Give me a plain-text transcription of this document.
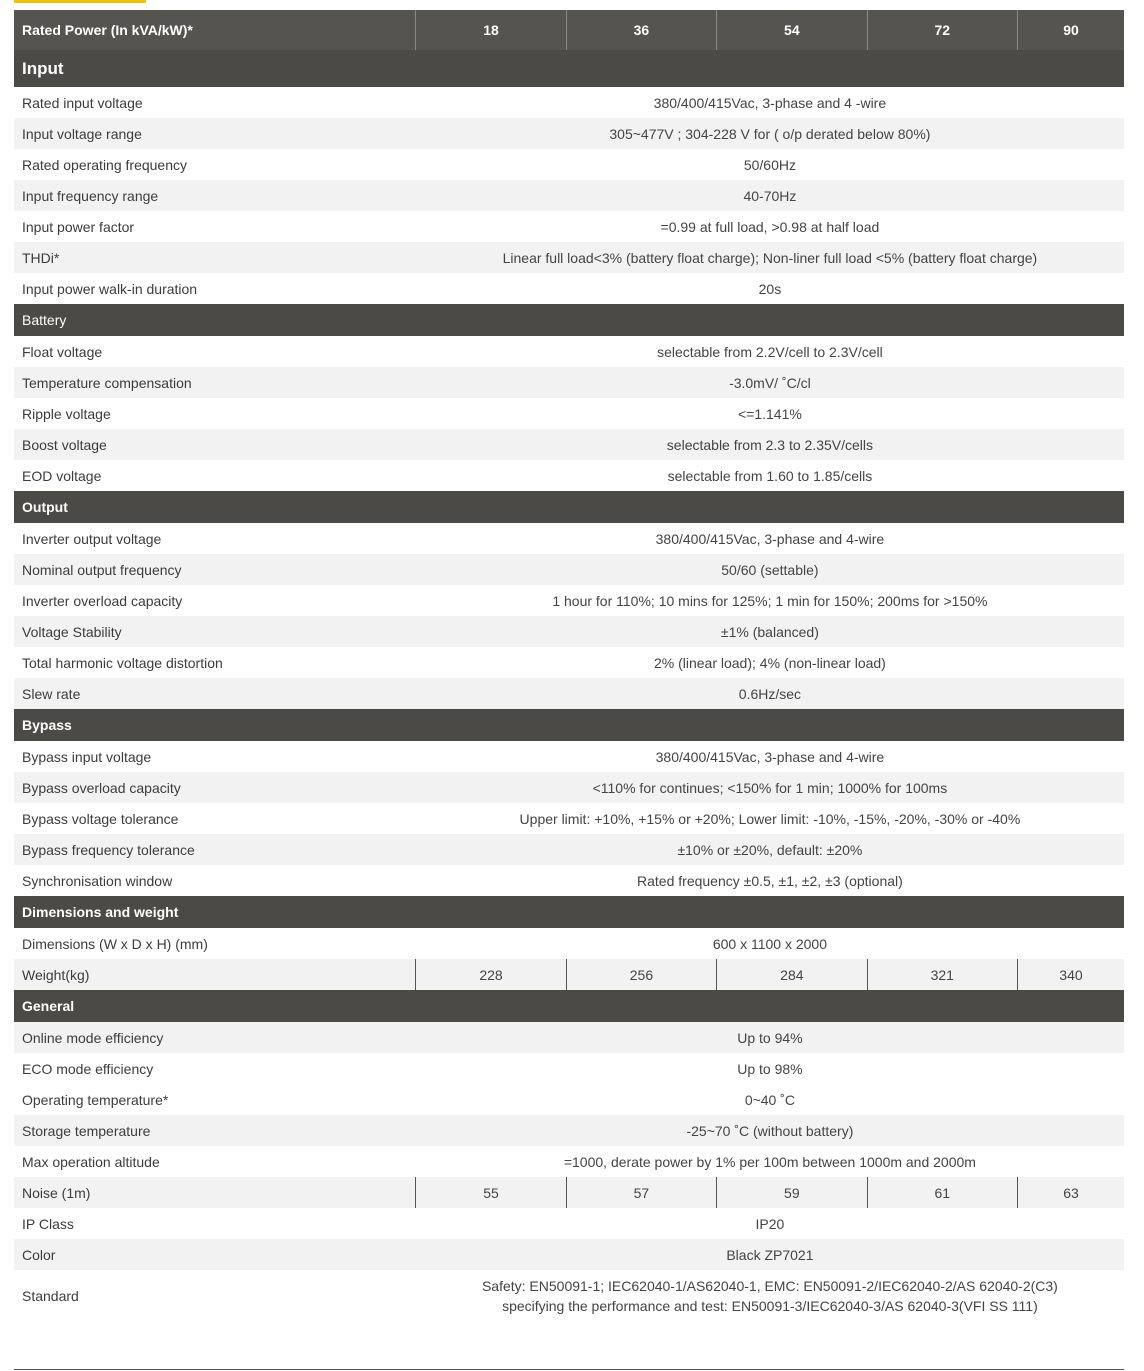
Rated Power (In kVA/kW)*	18	36	54	72	90
Input					
Rated input voltage	380/400/415Vac, 3-phase and 4 -wire				
Input voltage range	305~477V ; 304-228 V for ( o/p derated below 80%)				
Rated operating frequency	50/60Hz				
Input frequency range	40-70Hz				
Input power factor	=0.99 at full load, >0.98 at half load				
THDi*	Linear full load<3% (battery float charge); Non-liner full load <5% (battery float charge)				
Input power walk-in duration	20s				
Battery					
Float voltage	selectable from 2.2V/cell to 2.3V/cell				
Temperature compensation	-3.0mV/ ˚C/cl				
Ripple voltage	<=1.141%				
Boost voltage	selectable from 2.3 to 2.35V/cells				
EOD voltage	selectable from 1.60 to 1.85/cells				
Output					
Inverter output voltage	380/400/415Vac, 3-phase and 4-wire				
Nominal output frequency	50/60 (settable)				
Inverter overload capacity	1 hour for 110%; 10 mins for 125%; 1 min for 150%; 200ms for >150%				
Voltage Stability	±1% (balanced)				
Total harmonic voltage distortion	2% (linear load); 4% (non-linear load)				
Slew rate	0.6Hz/sec				
Bypass					
Bypass input voltage	380/400/415Vac, 3-phase and 4-wire				
Bypass overload capacity	<110% for continues; <150% for 1 min; 1000% for 100ms				
Bypass voltage tolerance	Upper limit: +10%, +15% or +20%; Lower limit: -10%, -15%, -20%, -30% or -40%				
Bypass frequency tolerance	±10% or ±20%, default: ±20%				
Synchronisation window	Rated frequency ±0.5, ±1, ±2, ±3 (optional)				
Dimensions and weight					
Dimensions (W x D x H) (mm)	600 x 1100 x 2000				
Weight(kg)	228	256	284	321	340
General					
Online mode efficiency	Up to 94%				
ECO mode efficiency	Up to 98%				
Operating temperature*	0~40 ˚C				
Storage temperature	-25~70 ˚C (without battery)				
Max operation altitude	=1000, derate power by 1% per 100m between 1000m and 2000m				
Noise (1m)	55	57	59	61	63
IP Class	IP20				
Color	Black ZP7021				
Standard	Safety: EN50091-1; IEC62040-1/AS62040-1, EMC: EN50091-2/IEC62040-2/AS 62040-2(C3)
specifying the performance and test: EN50091-3/IEC62040-3/AS 62040-3(VFI SS 111)				
